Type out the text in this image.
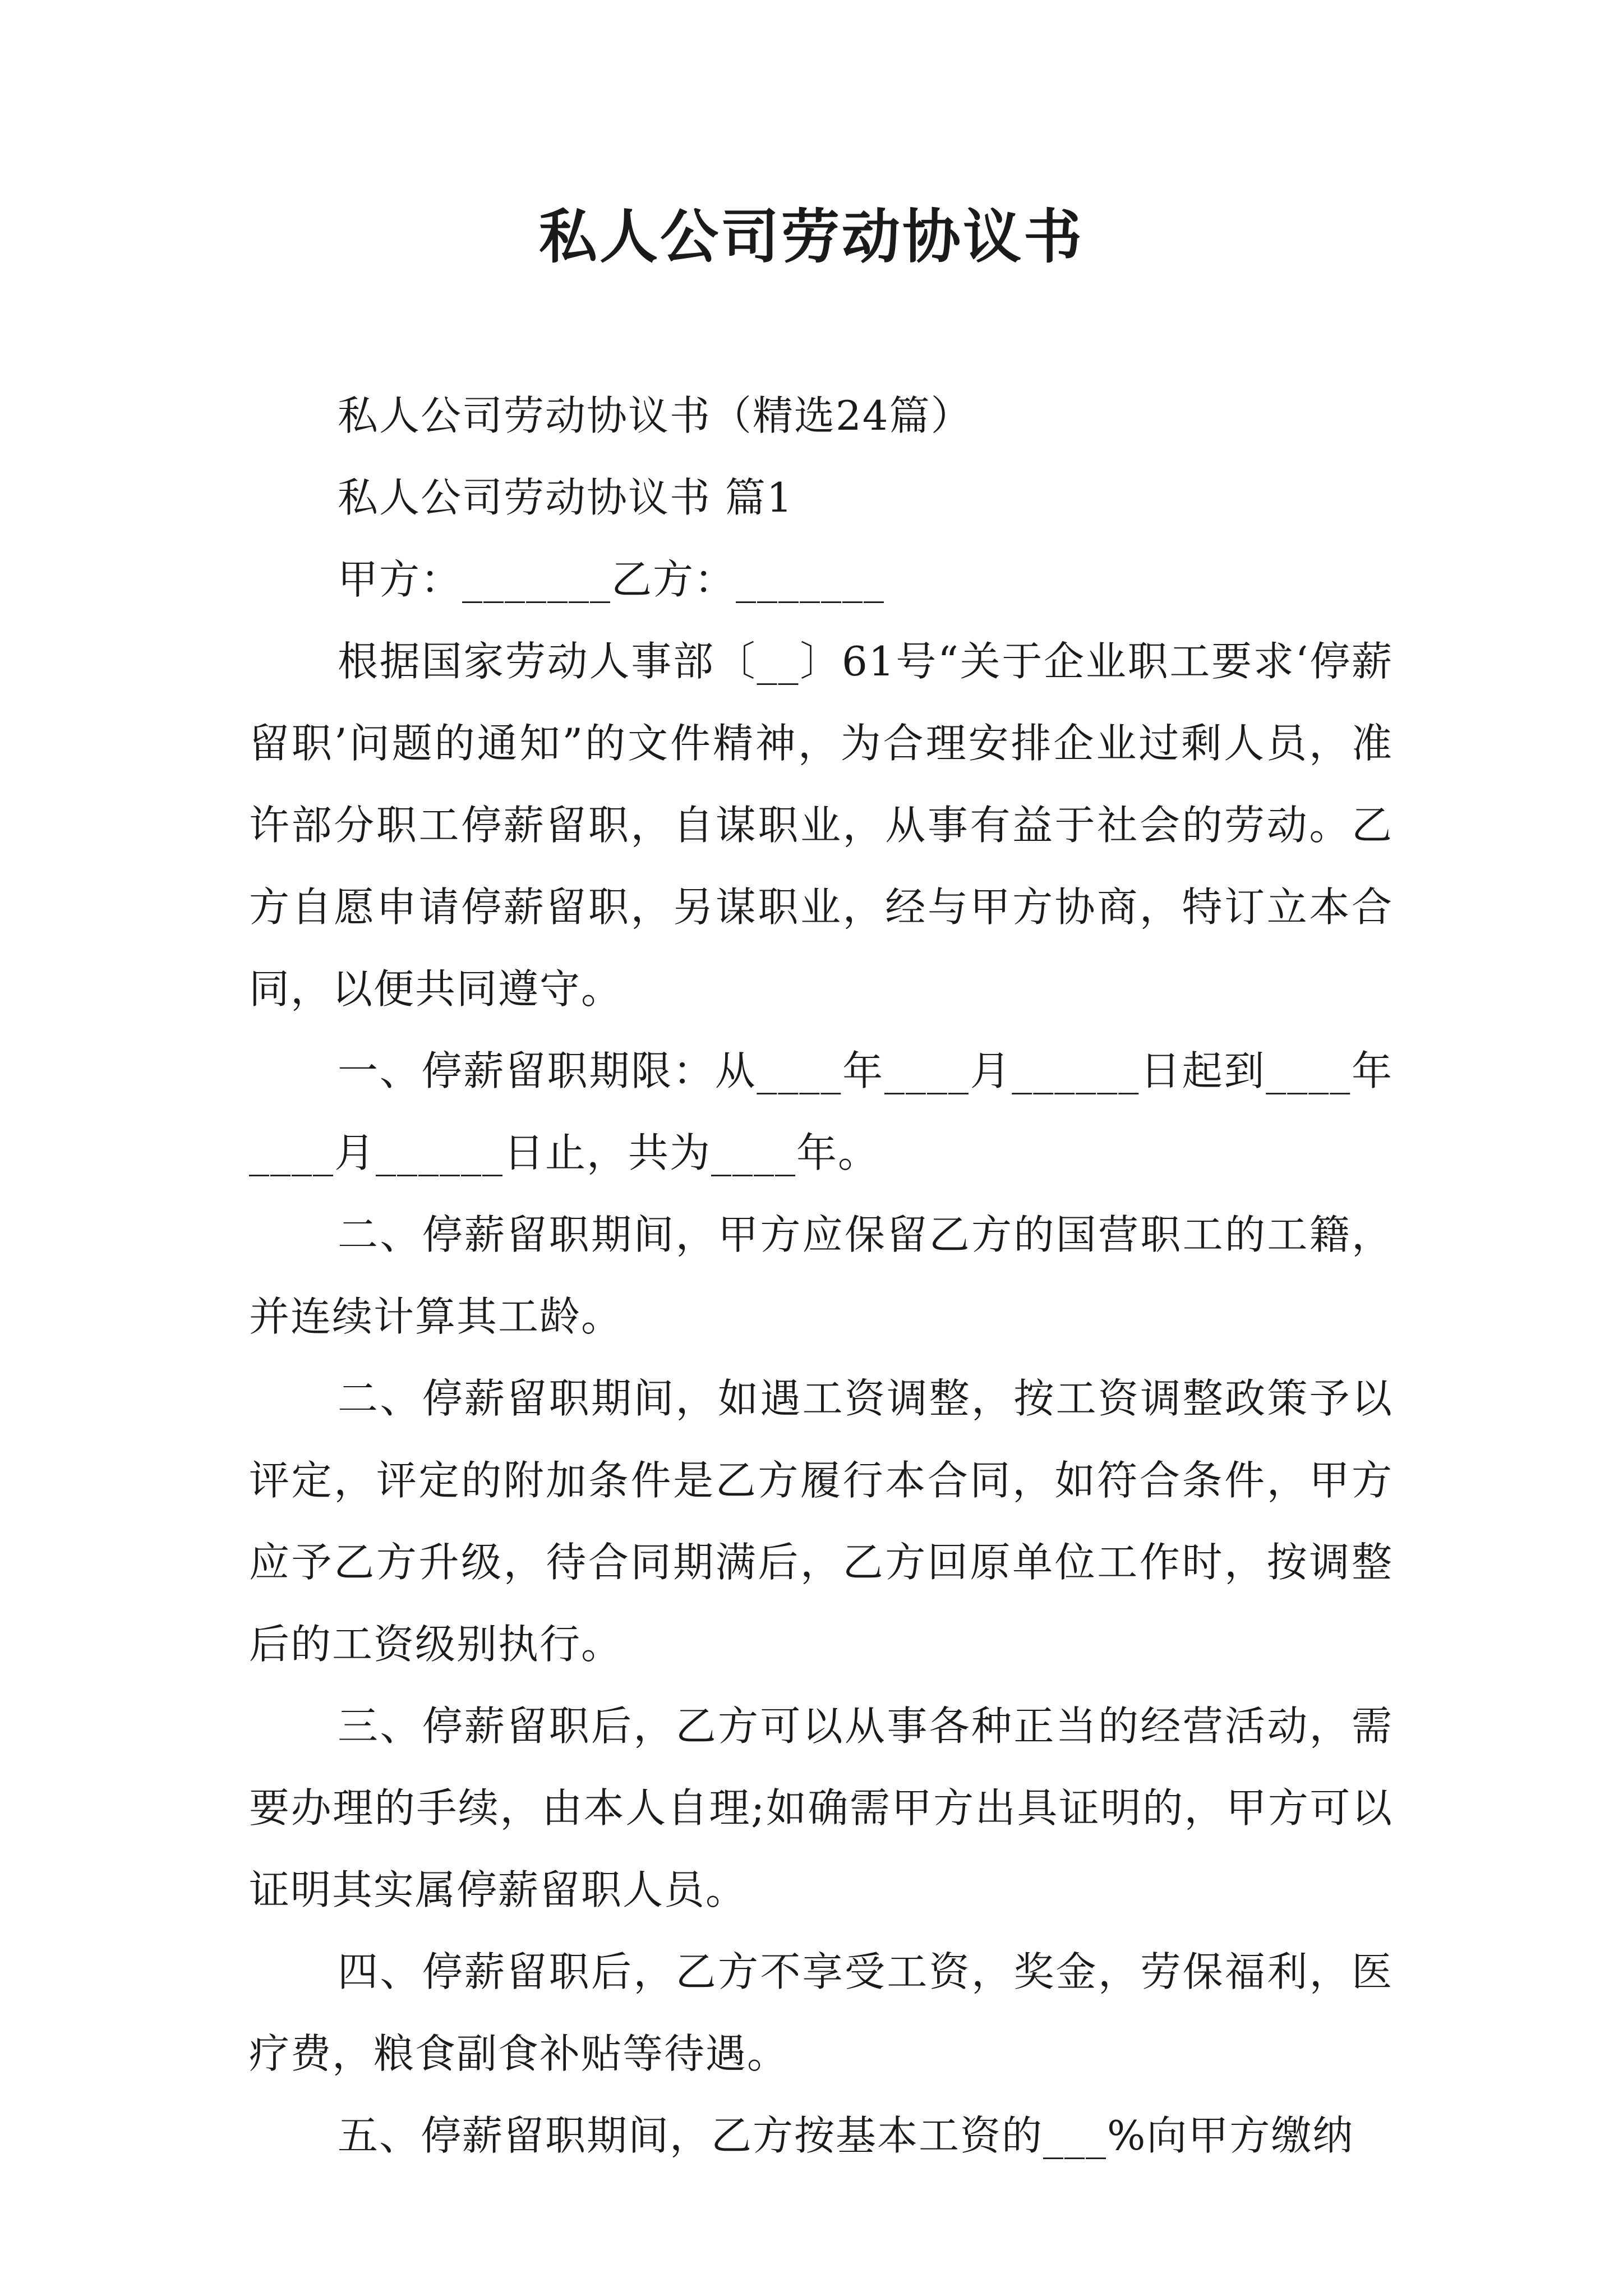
私人公司劳动协议书

私人公司劳动协议书（精选24篇）

私人公司劳动协议书 篇1

甲方：_______乙方：_______

根据国家劳动人事部〔__〕61号“关于企业职工要求‘停薪留职’问题的通知”的文件精神，为合理安排企业过剩人员，准许部分职工停薪留职，自谋职业，从事有益于社会的劳动。乙方自愿申请停薪留职，另谋职业，经与甲方协商，特订立本合同，以便共同遵守。

一、停薪留职期限：从____年____月______日起到____年____月______日止，共为____年。

二、停薪留职期间，甲方应保留乙方的国营职工的工籍，并连续计算其工龄。

二、停薪留职期间，如遇工资调整，按工资调整政策予以评定，评定的附加条件是乙方履行本合同，如符合条件，甲方应予乙方升级，待合同期满后，乙方回原单位工作时，按调整后的工资级别执行。

三、停薪留职后，乙方可以从事各种正当的经营活动，需要办理的手续，由本人自理;如确需甲方出具证明的，甲方可以证明其实属停薪留职人员。

四、停薪留职后，乙方不享受工资，奖金，劳保福利，医疗费，粮食副食补贴等待遇。

五、停薪留职期间，乙方按基本工资的___%向甲方缴纳
